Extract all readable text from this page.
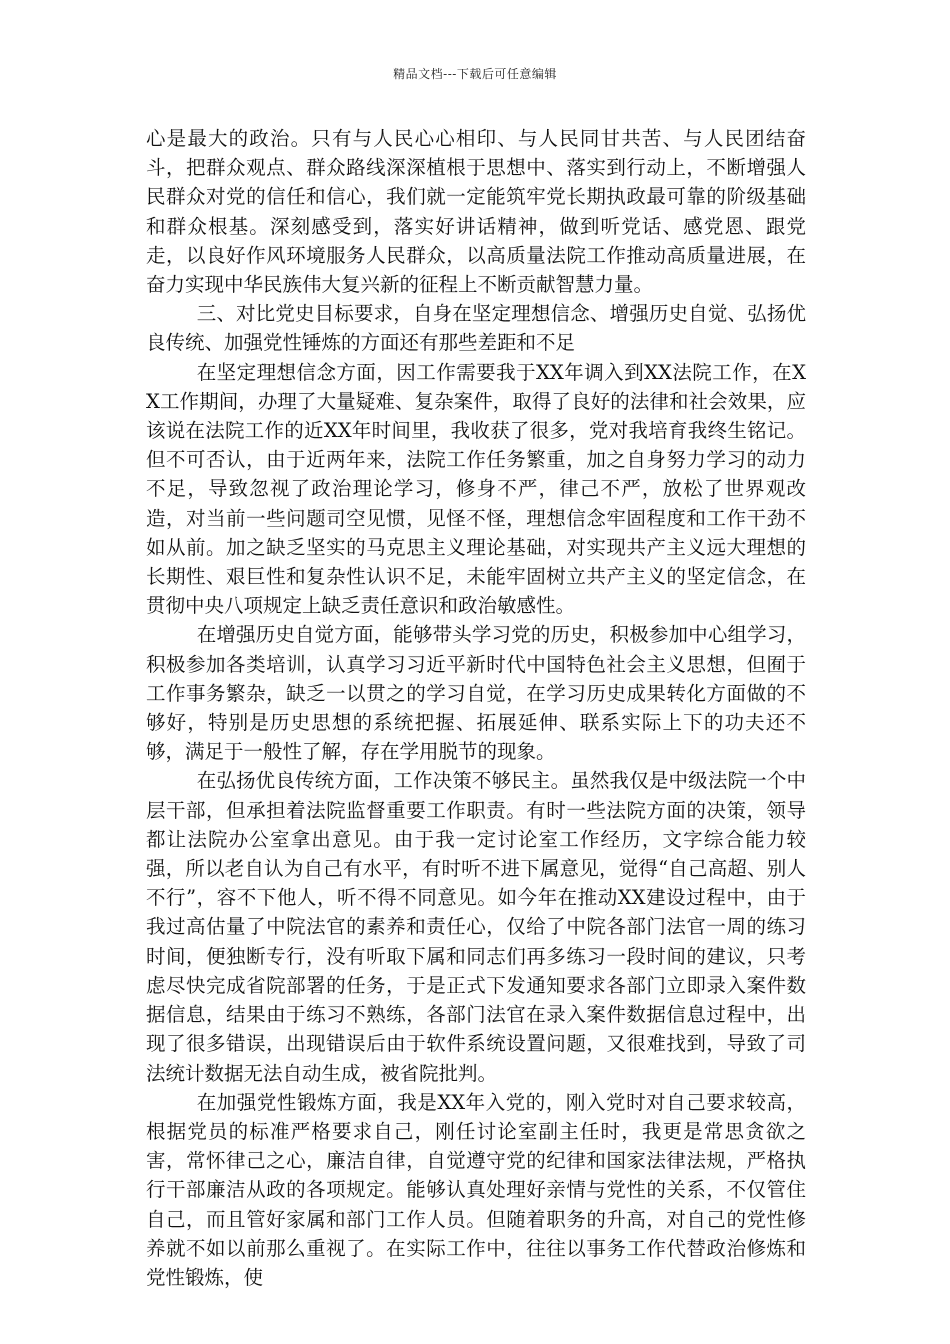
精品文档---下载后可任意编辑

心是最大的政治。只有与人民心心相印、与人民同甘共苦、与人民团结奋斗，把群众观点、群众路线深深植根于思想中、落实到行动上，不断增强人民群众对党的信任和信心，我们就一定能筑牢党长期执政最可靠的阶级基础和群众根基。深刻感受到，落实好讲话精神，做到听党话、感党恩、跟党走，以良好作风环境服务人民群众，以高质量法院工作推动高质量进展，在奋力实现中华民族伟大复兴新的征程上不断贡献智慧力量。

三、对比党史目标要求，自身在坚定理想信念、增强历史自觉、弘扬优良传统、加强党性锤炼的方面还有那些差距和不足

在坚定理想信念方面，因工作需要我于XX年调入到XX法院工作，在XX工作期间，办理了大量疑难、复杂案件，取得了良好的法律和社会效果，应该说在法院工作的近XX年时间里，我收获了很多，党对我培育我终生铭记。但不可否认，由于近两年来，法院工作任务繁重，加之自身努力学习的动力不足，导致忽视了政治理论学习，修身不严，律己不严，放松了世界观改造，对当前一些问题司空见惯，见怪不怪，理想信念牢固程度和工作干劲不如从前。加之缺乏坚实的马克思主义理论基础，对实现共产主义远大理想的长期性、艰巨性和复杂性认识不足，未能牢固树立共产主义的坚定信念，在贯彻中央八项规定上缺乏责任意识和政治敏感性。

在增强历史自觉方面，能够带头学习党的历史，积极参加中心组学习，积极参加各类培训，认真学习习近平新时代中国特色社会主义思想，但囿于工作事务繁杂，缺乏一以贯之的学习自觉，在学习历史成果转化方面做的不够好，特别是历史思想的系统把握、拓展延伸、联系实际上下的功夫还不够，满足于一般性了解，存在学用脱节的现象。

在弘扬优良传统方面，工作决策不够民主。虽然我仅是中级法院一个中层干部，但承担着法院监督重要工作职责。有时一些法院方面的决策，领导都让法院办公室拿出意见。由于我一定讨论室工作经历，文字综合能力较强，所以老自认为自己有水平，有时听不进下属意见，觉得“自己高超、别人不行”，容不下他人，听不得不同意见。如今年在推动XX建设过程中，由于我过高估量了中院法官的素养和责任心，仅给了中院各部门法官一周的练习时间，便独断专行，没有听取下属和同志们再多练习一段时间的建议，只考虑尽快完成省院部署的任务，于是正式下发通知要求各部门立即录入案件数据信息，结果由于练习不熟练，各部门法官在录入案件数据信息过程中，出现了很多错误，出现错误后由于软件系统设置问题，又很难找到，导致了司法统计数据无法自动生成，被省院批判。

在加强党性锻炼方面，我是XX年入党的，刚入党时对自己要求较高，根据党员的标准严格要求自己，刚任讨论室副主任时，我更是常思贪欲之害，常怀律己之心，廉洁自律，自觉遵守党的纪律和国家法律法规，严格执行干部廉洁从政的各项规定。能够认真处理好亲情与党性的关系，不仅管住自己，而且管好家属和部门工作人员。但随着职务的升高，对自己的党性修养就不如以前那么重视了。在实际工作中，往往以事务工作代替政治修炼和党性锻炼，使
